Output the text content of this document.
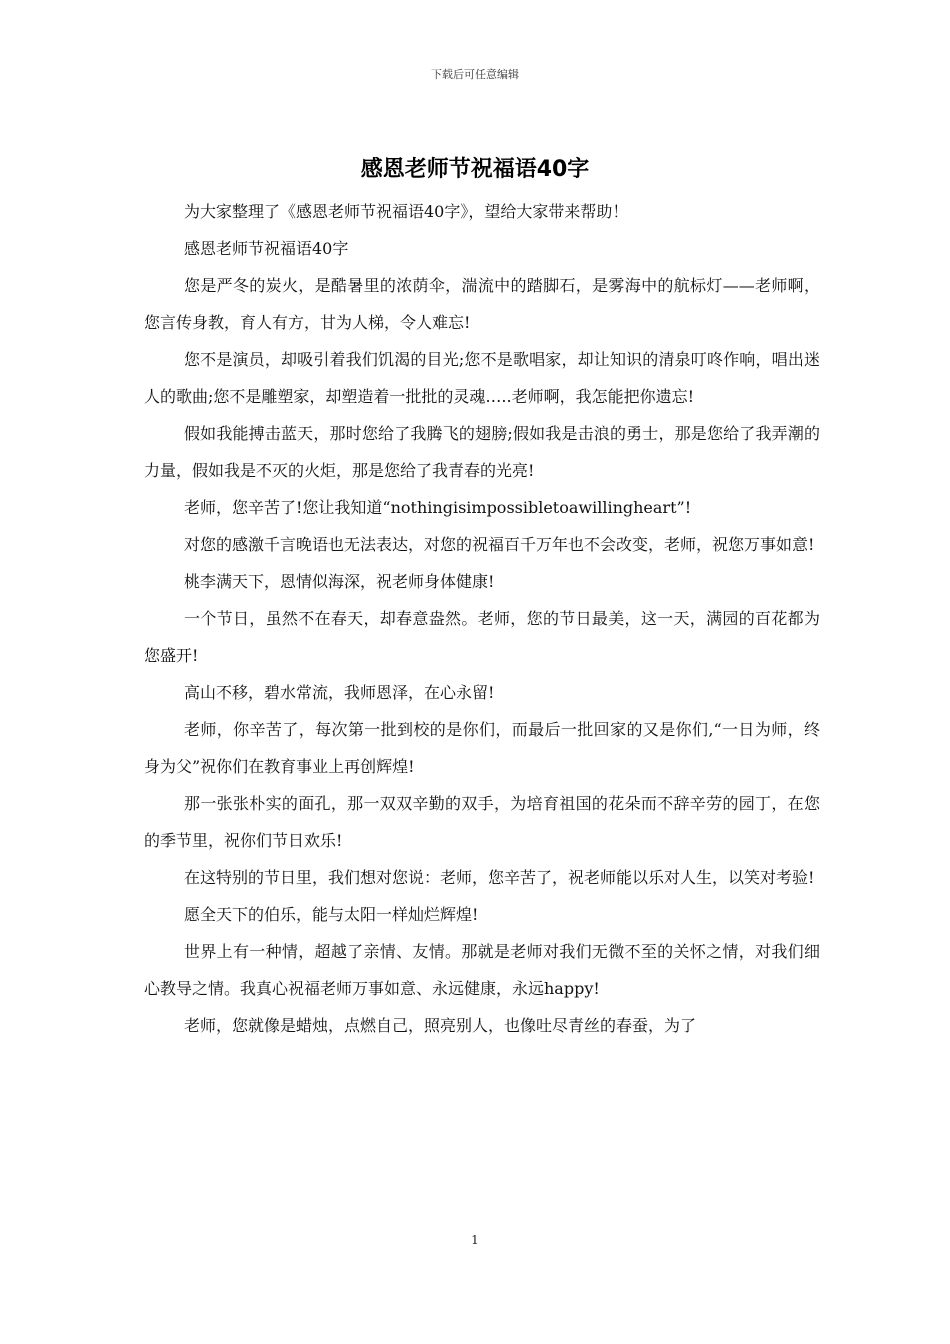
下载后可任意编辑
感恩老师节祝福语40字

为大家整理了《感恩老师节祝福语40字》，望给大家带来帮助！

感恩老师节祝福语40字

您是严冬的炭火，是酷暑里的浓荫伞，湍流中的踏脚石，是雾海中的航标灯——老师啊，您言传身教，育人有方，甘为人梯，令人难忘!

您不是演员，却吸引着我们饥渴的目光;您不是歌唱家，却让知识的清泉叮咚作响，唱出迷人的歌曲;您不是雕塑家，却塑造着一批批的灵魂…..老师啊，我怎能把你遗忘!

假如我能搏击蓝天，那时您给了我腾飞的翅膀;假如我是击浪的勇士，那是您给了我弄潮的力量，假如我是不灭的火炬，那是您给了我青春的光亮!

老师，您辛苦了!您让我知道“nothingisimpossibletoawillingheart”!

对您的感激千言晚语也无法表达，对您的祝福百千万年也不会改变，老师，祝您万事如意!

桃李满天下，恩情似海深，祝老师身体健康!

一个节日，虽然不在春天，却春意盎然。老师，您的节日最美，这一天，满园的百花都为您盛开!

高山不移，碧水常流，我师恩泽，在心永留!

老师，你辛苦了，每次第一批到校的是你们，而最后一批回家的又是你们,“一日为师，终身为父”祝你们在教育事业上再创辉煌!

那一张张朴实的面孔，那一双双辛勤的双手，为培育祖国的花朵而不辞辛劳的园丁，在您的季节里，祝你们节日欢乐!

在这特别的节日里，我们想对您说：老师，您辛苦了，祝老师能以乐对人生，以笑对考验!

愿全天下的伯乐，能与太阳一样灿烂辉煌!

世界上有一种情，超越了亲情、友情。那就是老师对我们无微不至的关怀之情，对我们细心教导之情。我真心祝福老师万事如意、永远健康，永远happy!

老师，您就像是蜡烛，点燃自己，照亮别人，也像吐尽青丝的春蚕，为了

1
